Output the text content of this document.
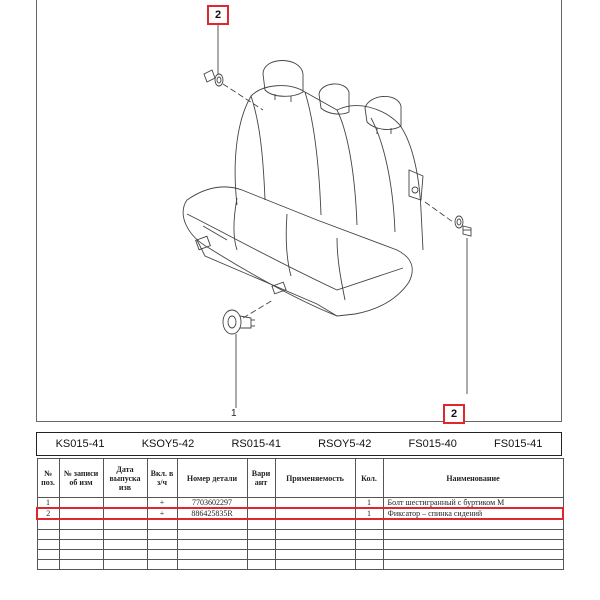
2
2
1
KS015-41	KSOY5-42	RS015-41	RSOY5-42	FS015-40	FS015-41
№ поз.	№ записи об изм	Дата выпуска изв	Вкл. в з/ч	Номер детали	Вари ант	Применяемость	Кол.	Наименование
1			+	7703602297			1	Болт шестигранный с буртиком M
2			+	886425835R			1	Фиксатор – спинка сидений
